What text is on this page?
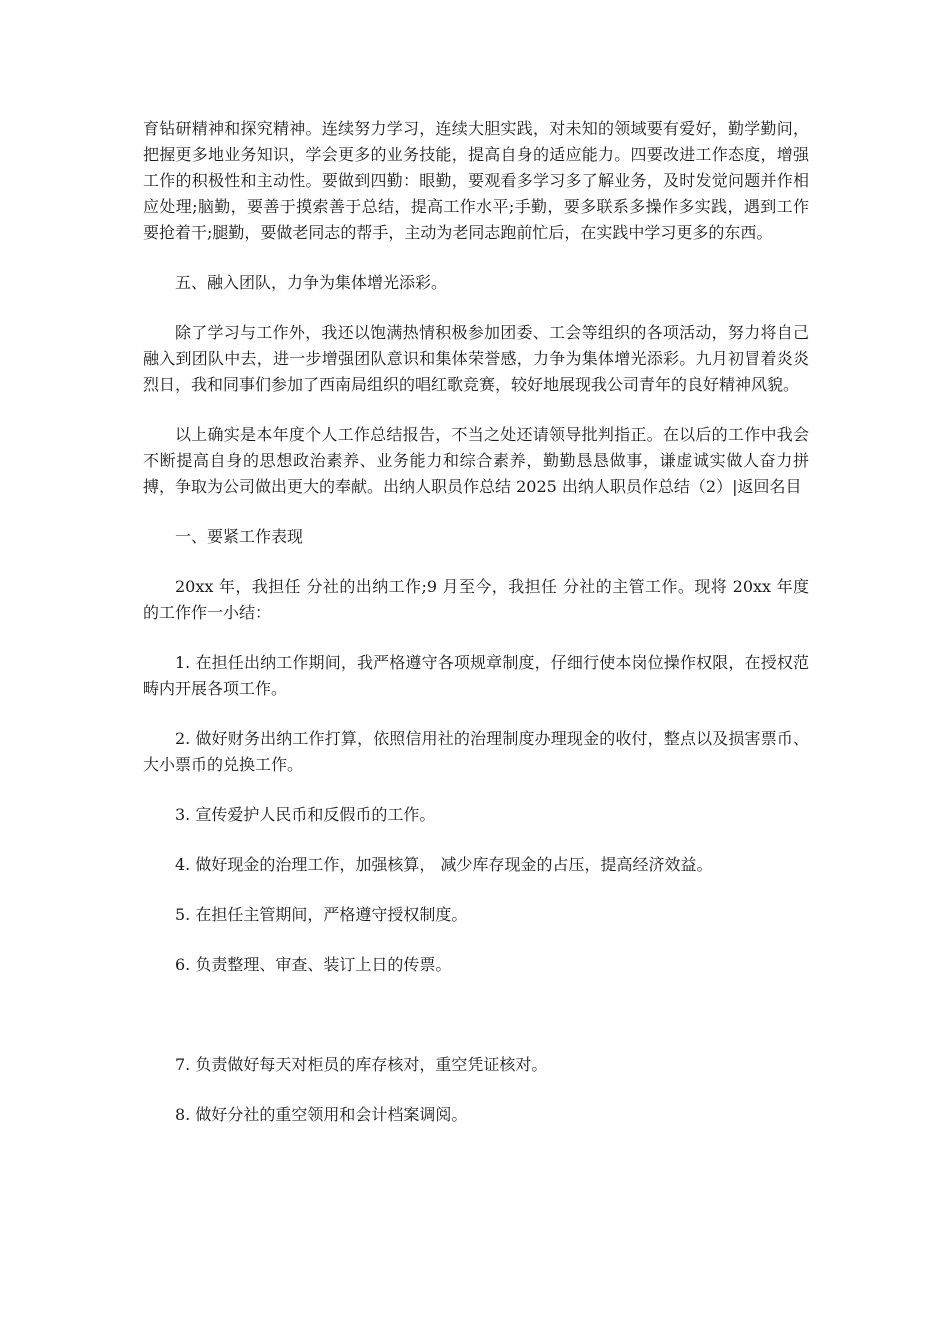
育钻研精神和探究精神。连续努力学习，连续大胆实践，对未知的领域要有爱好，勤学勤问，把握更多地业务知识，学会更多的业务技能，提高自身的适应能力。四要改进工作态度，增强工作的积极性和主动性。要做到四勤：眼勤，要观看多学习多了解业务，及时发觉问题并作相应处理;脑勤，要善于摸索善于总结，提高工作水平;手勤，要多联系多操作多实践，遇到工作要抢着干;腿勤，要做老同志的帮手，主动为老同志跑前忙后，在实践中学习更多的东西。

五、融入团队，力争为集体增光添彩。

除了学习与工作外，我还以饱满热情积极参加团委、工会等组织的各项活动，努力将自己融入到团队中去，进一步增强团队意识和集体荣誉感，力争为集体增光添彩。九月初冒着炎炎烈日，我和同事们参加了西南局组织的唱红歌竞赛，较好地展现我公司青年的良好精神风貌。

以上确实是本年度个人工作总结报告，不当之处还请领导批判指正。在以后的工作中我会不断提高自身的思想政治素养、业务能力和综合素养，勤勤恳恳做事，谦虚诚实做人奋力拼搏，争取为公司做出更大的奉献。出纳人职员作总结 2025 出纳人职员作总结（2）|返回名目

一、要紧工作表现

20xx 年，我担任 分社的出纳工作;9 月至今，我担任 分社的主管工作。现将 20xx 年度的工作作一小结：

1. 在担任出纳工作期间，我严格遵守各项规章制度，仔细行使本岗位操作权限，在授权范畴内开展各项工作。

2. 做好财务出纳工作打算，依照信用社的治理制度办理现金的收付，整点以及损害票币、大小票币的兑换工作。

3. 宣传爱护人民币和反假币的工作。

4. 做好现金的治理工作，加强核算， 减少库存现金的占压，提高经济效益。

5. 在担任主管期间，严格遵守授权制度。

6. 负责整理、审查、装订上日的传票。

7. 负责做好每天对柜员的库存核对，重空凭证核对。

8. 做好分社的重空领用和会计档案调阅。
